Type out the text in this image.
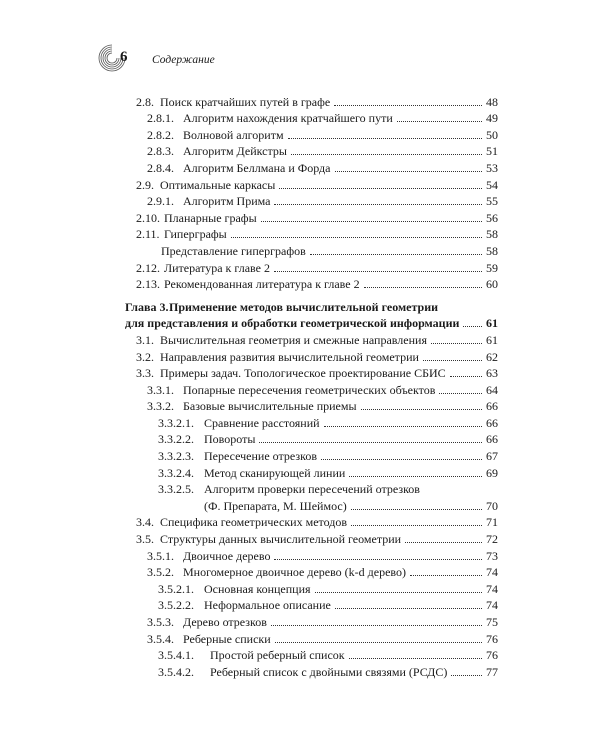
6 Содержание
2.8. Поиск кратчайших путей в графе	48
2.8.1. Алгоритм нахождения кратчайшего пути	49
2.8.2. Волновой алгоритм	50
2.8.3. Алгоритм Дейкстры	51
2.8.4. Алгоритм Беллмана и Форда	53
2.9. Оптимальные каркасы	54
2.9.1. Алгоритм Прима	55
2.10. Планарные графы	56
2.11. Гиперграфы	58
Представление гиперграфов	58
2.12. Литература к главе 2	59
2.13. Рекомендованная литература к главе 2	60
Глава 3. Применение методов вычислительной геометрии
для представления и обработки геометрической информации 61
3.1. Вычислительная геометрия и смежные направления	61
3.2. Направления развития вычислительной геометрии	62
3.3. Примеры задач. Топологическое проектирование СБИС	63
3.3.1. Попарные пересечения геометрических объектов	64
3.3.2. Базовые вычислительные приемы	66
3.3.2.1. Сравнение расстояний	66
3.3.2.2. Повороты	66
3.3.2.3. Пересечение отрезков	67
3.3.2.4. Метод сканирующей линии	69
3.3.2.5. Алгоритм проверки пересечений отрезков
(Ф. Препарата, М. Шеймос)	70
3.4. Специфика геометрических методов	71
3.5. Структуры данных вычислительной геометрии	72
3.5.1. Двоичное дерево	73
3.5.2. Многомерное двоичное дерево (k-d дерево)	74
3.5.2.1. Основная концепция	74
3.5.2.2. Неформальное описание	74
3.5.3. Дерево отрезков	75
3.5.4. Реберные списки	76
3.5.4.1.	Простой реберный список	76
3.5.4.2.	Реберный список с двойными связями (РСДС)	77
